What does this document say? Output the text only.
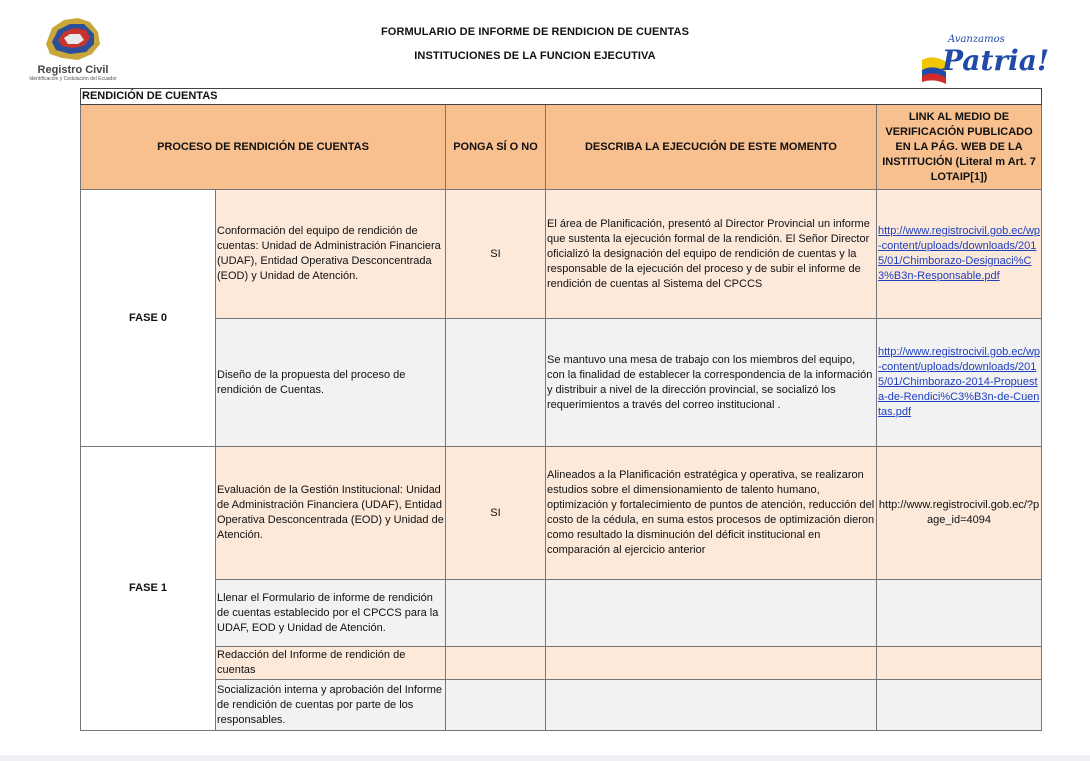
Registro Civil
Identificación y Cedulación del Ecuador
FORMULARIO DE INFORME DE RENDICION DE CUENTAS
INSTITUCIONES DE LA FUNCION EJECUTIVA
Avanzamos
Patria!
RENDICIÓN DE CUENTAS				
PROCESO DE RENDICIÓN DE CUENTAS		PONGA SÍ O NO	DESCRIBA LA EJECUCIÓN DE ESTE MOMENTO	LINK AL MEDIO DE VERIFICACIÓN PUBLICADO EN LA PÁG. WEB DE LA INSTITUCIÓN (Literal m Art. 7 LOTAIP[1])
FASE 0	Conformación del equipo de rendición de cuentas: Unidad de Administración Financiera (UDAF), Entidad Operativa Desconcentrada (EOD) y Unidad de Atención.	SI	El área de Planificación, presentó al Director Provincial un informe que sustenta la ejecución formal de la rendición. El Señor Director oficializó la designación del equipo de rendición de cuentas y la responsable de la ejecución del proceso y de subir el informe de rendición de cuentas al Sistema del CPCCS	http://www.registrocivil.gob.ec/wp-content/uploads/downloads/2015/01/Chimborazo-Designaci%C3%B3n-Responsable.pdf
	Diseño de la propuesta del proceso de rendición de Cuentas.		Se mantuvo una mesa de trabajo con los miembros del equipo, con la finalidad de establecer la correspondencia de la información y distribuir a nivel de la dirección provincial, se socializó los requerimientos a través del correo institucional .	http://www.registrocivil.gob.ec/wp-content/uploads/downloads/2015/01/Chimborazo-2014-Propuesta-de-Rendici%C3%B3n-de-Cuentas.pdf
FASE 1	Evaluación de la Gestión Institucional: Unidad de Administración Financiera (UDAF), Entidad Operativa Desconcentrada (EOD) y Unidad de Atención.	SI	Alineados a la Planificación estratégica y operativa, se realizaron estudios sobre el dimensionamiento de talento humano, optimización y fortalecimiento de puntos de atención, reducción del costo de la cédula, en suma estos procesos de optimización dieron como resultado la disminución del déficit institucional en comparación al ejercicio anterior	http://www.registrocivil.gob.ec/?page_id=4094
	Llenar el Formulario de informe de rendición de cuentas establecido por el CPCCS para la UDAF, EOD y Unidad de Atención.			
	Redacción del Informe de rendición de cuentas			
	Socialización interna y aprobación del Informe de rendición de cuentas por parte de los responsables.			
